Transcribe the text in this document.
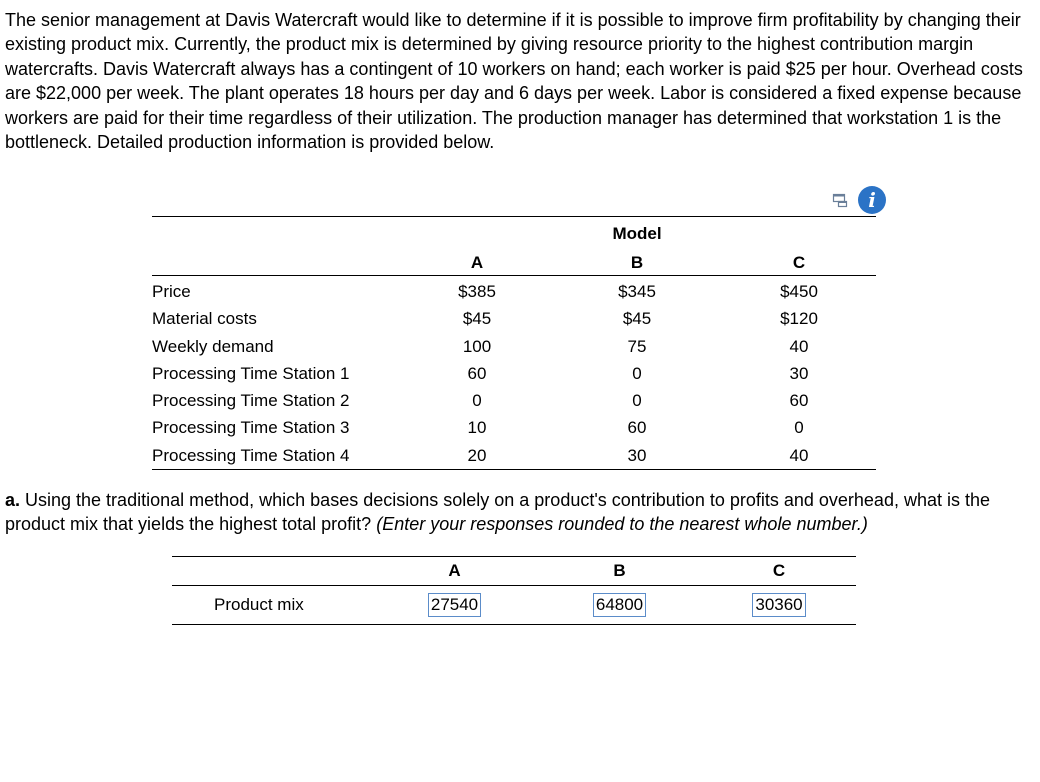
The senior management at Davis Watercraft would like to determine if it is possible to improve firm profitability by changing their existing product mix. Currently, the product mix is determined by giving resource priority to the highest contribution margin watercrafts. Davis Watercraft always has a contingent of 10 workers on hand; each worker is paid $25 per hour. Overhead costs are $22,000 per week. The plant operates 18 hours per day and 6 days per week. Labor is considered a fixed expense because workers are paid for their time regardless of their utilization. The production manager has determined that workstation 1 is the bottleneck. Detailed production information is provided below.
i
		Model	
	A	B	C
Price	$385	$345	$450
Material costs	$45	$45	$120
Weekly demand	100	75	40
Processing Time Station 1	60	0	30
Processing Time Station 2	0	0	60
Processing Time Station 3	10	60	0
Processing Time Station 4	20	30	40
a. Using the traditional method, which bases decisions solely on a product's contribution to profits and overhead, what is the product mix that yields the highest total profit? (Enter your responses rounded to the nearest whole number.)
	A	B	C
Product mix	27540	64800	30360
